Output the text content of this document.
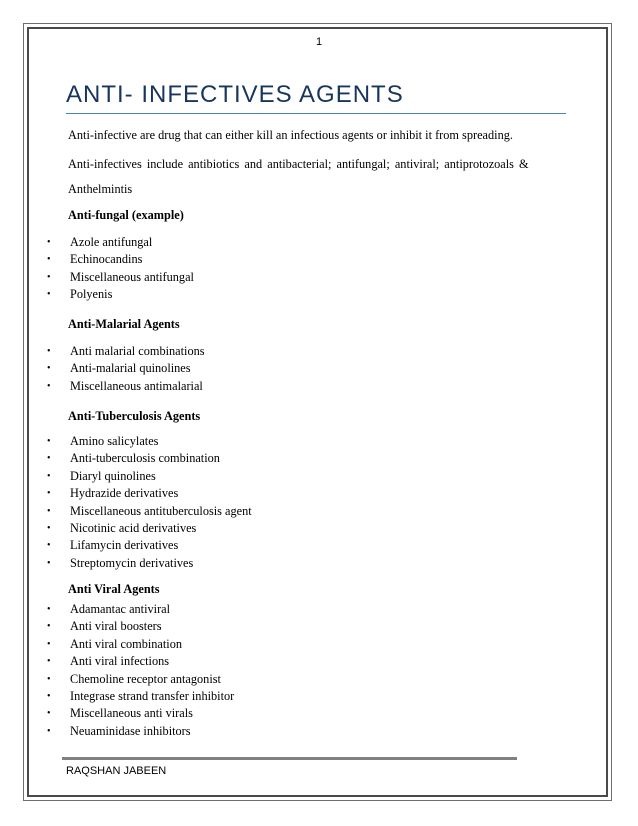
1
ANTI- INFECTIVES AGENTS

Anti-infective are drug that can either kill an infectious agents or inhibit it from spreading.

Anti-infectives include antibiotics and antibacterial; antifungal; antiviral; antiprotozoals &

Anthelmintis

Anti-fungal (example)

• Azole antifungal
• Echinocandins
• Miscellaneous antifungal
• Polyenis

Anti-Malarial Agents

• Anti malarial combinations
• Anti-malarial quinolines
• Miscellaneous antimalarial

Anti-Tuberculosis Agents

• Amino salicylates
• Anti-tuberculosis combination
• Diaryl quinolines
• Hydrazide derivatives
• Miscellaneous antituberculosis agent
• Nicotinic acid derivatives
• Lifamycin derivatives
• Streptomycin derivatives

Anti Viral Agents

• Adamantac antiviral
• Anti viral boosters
• Anti viral combination
• Anti viral infections
• Chemoline receptor antagonist
• Integrase strand transfer inhibitor
• Miscellaneous anti virals
• Neuaminidase inhibitors
RAQSHAN JABEEN
